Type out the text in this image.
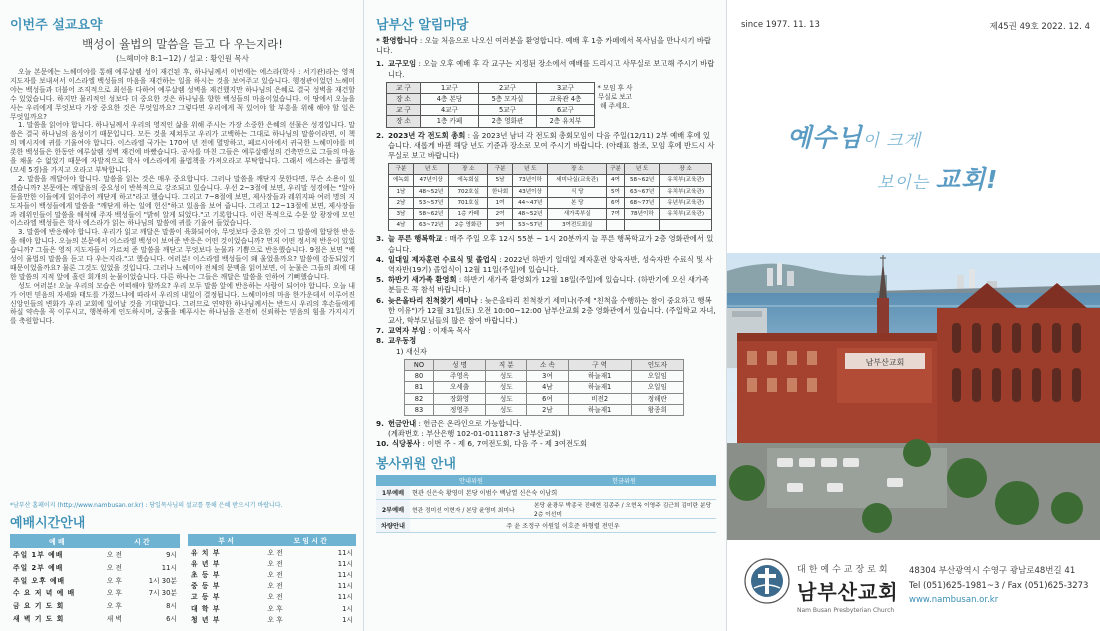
이번주 설교요약
백성이 율법의 말씀을 듣고 다 우는지라!
(느헤미야 8:1~12) / 설교 : 황인원 목사

오늘 본문에는 느헤미야를 통해 예루살렘 성이 재건된 후, 하나님께서 이번에는 에스라(학사 : 서기관)라는 영적 지도자를 보내셔서 이스라엘 백성들의 마음을 재건하는 일을 하시는 것을 보여주고 있습니다. 행정관이었던 느헤미야는 백성들과 더불어 조직적으로 최선을 다하여 예루살렘 성벽을 재건했지만 하나님의 은혜로 결국 성벽을 재건할 수 있었습니다. 하지만 물리적인 성보다 더 중요한 것은 하나님을 향한 백성들의 마음이었습니다. 이 땅에서 오늘을 사는 우리에게 무엇보다 가장 중요한 것은 무엇일까요? 그렇다면 우리에게 꼭 있어야 할 부흥을 위해 해야 할 일은 무엇일까요?

1. 말씀을 읽어야 합니다. 하나님께서 우리의 영적인 삶을 위해 주시는 가장 소중한 은혜의 선물은 성경입니다. 말씀은 결국 하나님의 음성이기 때문입니다. 모든 것을 제쳐두고 우리가 고백하는 그대로 하나님의 말씀이라면, 이 책의 메시지에 귀를 기울여야 합니다. 이스라엘 국가는 170여 년 전에 멸망하고, 페르시아에서 귀국한 느헤미야를 비롯한 백성들은 한동안 예루살렘 성벽 재건에 바빴습니다. 공사를 마친 그들은 예루살렘성의 건축만으로 그들의 마음을 채울 수 없었기 때문에 자발적으로 학사 에스라에게 율법책을 가져오라고 부탁합니다. 그래서 에스라는 율법책(모세 5경)을 가지고 오라고 부탁합니다.

2. 말씀을 깨달아야 합니다. 말씀을 읽는 것은 매우 중요합니다. 그러나 말씀을 깨닫지 못한다면, 무슨 소용이 있겠습니까? 본문에는 깨달음의 중요성이 반복적으로 강조되고 있습니다. 우선 2~3절에 보면, 우리말 성경에는 "알아듣을만한 이들에게 읽어주어 깨닫게 하고"라고 했습니다. 그리고 7~8절에 보면, 제사장들과 레위지파 여러 명의 지도자들이 백성들에게 말씀을 "깨닫게 하는 일에 헌신"하고 있음을 보여 줍니다. 그리고 12~13절에 보면, 제사장들과 레위인들이 말씀을 해석해 주자 백성들이 "밝히 알게 되었다."고 기록합니다. 이런 목적으로 수문 앞 광장에 모인 이스라엘 백성들은 학사 에스라가 읽는 하나님의 말씀에 귀를 기울여 들었습니다.

3. 말씀에 반응해야 합니다. 우리가 읽고 깨달은 말씀이 육화되어야, 무엇보다 중요한 것이 그 말씀에 합당한 반응을 해야 합니다. 오늘의 본문에서 이스라엘 백성이 보여준 반응은 어떤 것이었습니까? 먼저 어떤 정서적 반응이 있었습니까? 그들은 영적 지도자들이 가르쳐 준 말씀을 깨닫고 무엇보다 눈물과 기쁨으로 반응했습니다. 9절은 보면 "백성이 율법의 말씀을 듣고 다 우는지라."고 했습니다. 여러분! 이스라엘 백성들이 왜 울었을까요? 말씀에 감동되었기 때문이었을까요? 물론 그것도 있었을 것입니다. 그러나 느헤미야 전체의 문맥을 읽어보면, 이 눈물은 그들의 죄에 대한 말씀의 지적 앞에 흘린 회개의 눈물이었습니다. 다른 하나는 그들은 깨달은 말씀을 인하여 기뻐했습니다.

성도 여러분! 오늘 우리의 모습은 어떠해야 할까요? 우리 모두 말씀 앞에 반응하는 사람이 되어야 합니다. 오늘 내가 어떤 믿음의 자세와 태도를 가졌느냐에 따라서 우리의 내일이 결정됩니다. 느헤미야의 마음 한가운데서 이루어진 신앙인들의 변화가 우리 교회에 일어날 것을 기대합니다. 그러므로 연약한 하나님께서는 반드시 우리의 후손들에게 하실 약속을 꼭 이루시고, 행복하게 인도하시며, 궁휼을 베푸시는 하나님을 온전히 신뢰하는 믿음의 힘을 가지시기를 축원합니다.

*남부산 홈페이지 (http://www.nambusan.or.kr) : 당일목사님의 설교를 통해 은혜 받으시기 바랍니다.
예배시간안내
예 배	시 간	
주일 1부 예배	오 전	9시
주일 2부 예배	오 전	11시
주일 오후 예배	오 후	1시 30분
수 요 저 녁 예 배	오 후	7시 30분
금 요 기 도 회	오 후	8시
새 벽 기 도 회	새 벽	6시
부 서	모 임 시 간	
유 치 부	오 전	11시
유 년 부	오 전	11시
초 등 부	오 전	11시
중 등 부	오 전	11시
고 등 부	오 전	11시
대 학 부	오 후	1시
청 년 부	오 후	1시
남부산 알림마당
* 환영합니다 : 오늘 처음으로 나오신 여러분을 환영합니다. 예배 후 1층 카페에서 목사님을 만나시기 바랍니다.
1. 교구모임 : 오늘 오후 예배 후 각 교구는 지정된 장소에서 예배를 드리시고 사무실로 보고해 주시기 바랍니다.
교 구	1교구	2교구	3교구
장 소	4층 본당	5층 모자실	교육관 4층
교 구	4교구	5교구	6교구
장 소	1층 카페	2층 영화관	2층 유치부
* 모임 후 사무실로 보고해 주세요.
2. 2023년 각 전도회 총회 : 올 2023년 남녀 각 전도회 총회모임이 다음 주일(12/11) 2부 예배 후에 있습니다. 새롭게 바뀐 해당 년도 기준과 장소로 모여 주시기 바랍니다. (아래표 참조, 모임 후에 반드시 사무실로 보고 바랍니다)
구분	년 도	장 소	구분	년 도	장 소	구분	년 도	장 소
에녹회	47년이상	에녹회실	5남	73년이하	세미나실(교육관)	4여	58~62년	유치부(교육관)
1남	48~52년	702호실	한나회	43년이상	식 당	5여	63~67년	유치부(교육관)
2남	53~57년	701호실	1여	44~47년	본 당	6여	68~77년	유년부(교육관)
3남	58~62년	1층 카페	2여	48~52년	새가족부실	7여	78년이하	유치부(교육관)
4남	63~72년	2층 영화관	3여	53~57년	3여전도회실			
3. 늘 푸른 행복학교 : 매주 주일 오후 12시 55분 ~ 1시 20분까지 늘 푸른 행복학교가 2층 영화관에서 있습니다.
4. 일대일 제자훈련 수료식 및 졸업식 : 2022년 하반기 일대일 제자훈련 양육자반, 성숙자반 수료식 및 사역자반(19기) 졸업식이 12월 11일(주일)에 있습니다.
5. 하반기 새가족 환영회 : 하반기 새가족 환영회가 12월 18일(주일)에 있습니다. (하반기에 오신 새가족분들은 꼭 참석 바랍니다.)
6. 늦은올타리 친척찾기 세미나 : 늦은올타리 친척찾기 세미나(주제 "친척을 수행하는 참이 중요하고 행복한 이유")가 12월 31일(토) 오전 10:00~12:00 남부산교회 2층 영화관에서 있습니다. (주일학교 자녀, 교사, 학부모님들의 많은 참여 바랍니다.)
7. 교역자 부임 : 이재옥 목사
8. 교우동정
1) 새신자
NO	성 명	직 분	소 속	구 역	인도자
80	주영옥	성도	3여	하늘재1	오일임
81	오세출	성도	4남	하늘재1	오일임
82	장화영	성도	6여	비전2	정해란
83	정영주	성도	2남	하늘재1	왕종희
9. 헌금안내 : 헌금은 온라인으로 가능합니다.
(계좌번호 : 부산은행 102-01-011187-3 남부산교회)
10. 식당봉사 : 이번 주 - 제 6, 7여전도회, 다음 주 - 제 3여전도회
봉사위원 안내
	안내위원	헌금위원
1부예배	현관 신은숙 황영미 본당 이범수 백남열 신은숙 이남희	
2부예배	현관 정미선 이현자 / 본당 윤영미 최미나	본당 윤광무 박종국 진태현 김종주 / 오현옥 이영주 김근희 김미란 분당 2층 이선미
차량안내	주 윤 조정구 이원일 이호준 하형렬 전민우	
since 1977. 11. 13	제45권 49호 2022. 12. 4
예수님이 크게
보이는 교회!
남부산교회
대한예수교장로회
남부산교회
Nam Busan Presbyterian Church
48304 부산광역시 수영구 광남로48번길 41
Tel (051)625-1981~3 / Fax (051)625-3273
www.nambusan.or.kr
